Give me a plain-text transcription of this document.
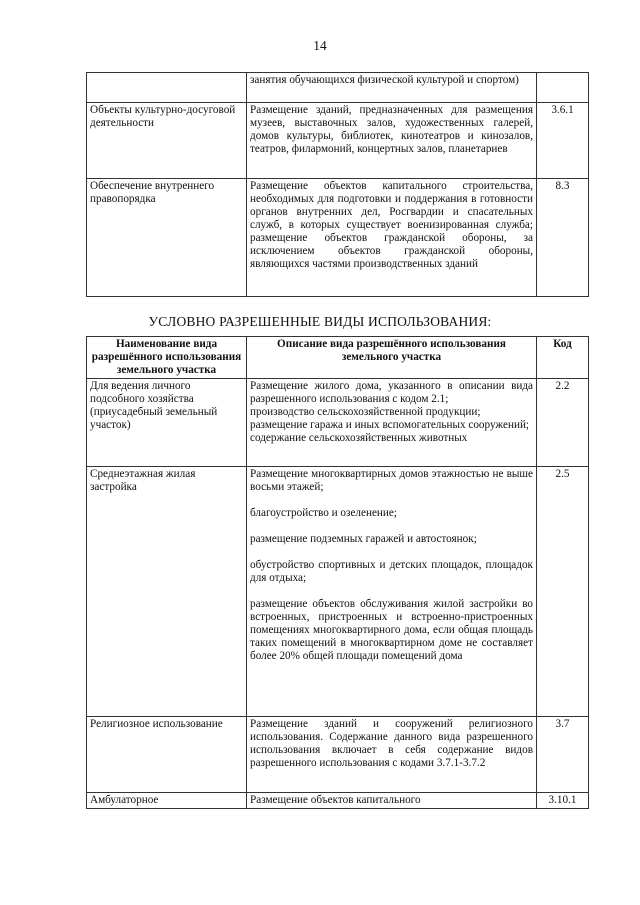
14
	занятия обучающихся физической культурой и спортом)	
Объекты культурно-досуговой деятельности	Размещение зданий, предназначенных для размещения музеев, выставочных залов, художественных галерей, домов культуры, библиотек, кинотеатров и кинозалов, театров, филармоний, концертных залов, планетариев	3.6.1
Обеспечение внутреннего правопорядка	Размещение объектов капитального строительства, необходимых для подготовки и поддержания в готовности органов внутренних дел, Росгвардии и спасательных служб, в которых существует военизированная служба; размещение объектов гражданской обороны, за исключением объектов гражданской обороны, являющихся частями производственных зданий	8.3
УСЛОВНО РАЗРЕШЕННЫЕ ВИДЫ ИСПОЛЬЗОВАНИЯ:
Наименование вида разрешённого использования земельного участка	Описание вида разрешённого использования земельного участка	Код
Для ведения личного подсобного хозяйства (приусадебный земельный участок)	Размещение жилого дома, указанного в описании вида разрешенного использования с кодом 2.1;
производство сельскохозяйственной продукции;
размещение гаража и иных вспомогательных сооружений;
содержание сельскохозяйственных животных	2.2
Среднеэтажная жилая застройка	Размещение многоквартирных домов этажностью не выше восьми этажей;
благоустройство и озеленение;
размещение подземных гаражей и автостоянок;
обустройство спортивных и детских площадок, площадок для отдыха;
размещение объектов обслуживания жилой застройки во встроенных, пристроенных и встроенно-пристроенных помещениях многоквартирного дома, если общая площадь таких помещений в многоквартирном доме не составляет более 20% общей площади помещений дома	2.5
Религиозное использование	Размещение зданий и сооружений религиозного использования. Содержание данного вида разрешенного использования включает в себя содержание видов разрешенного использования с кодами 3.7.1-3.7.2	3.7
Амбулаторное	Размещение объектов капитального	3.10.1
